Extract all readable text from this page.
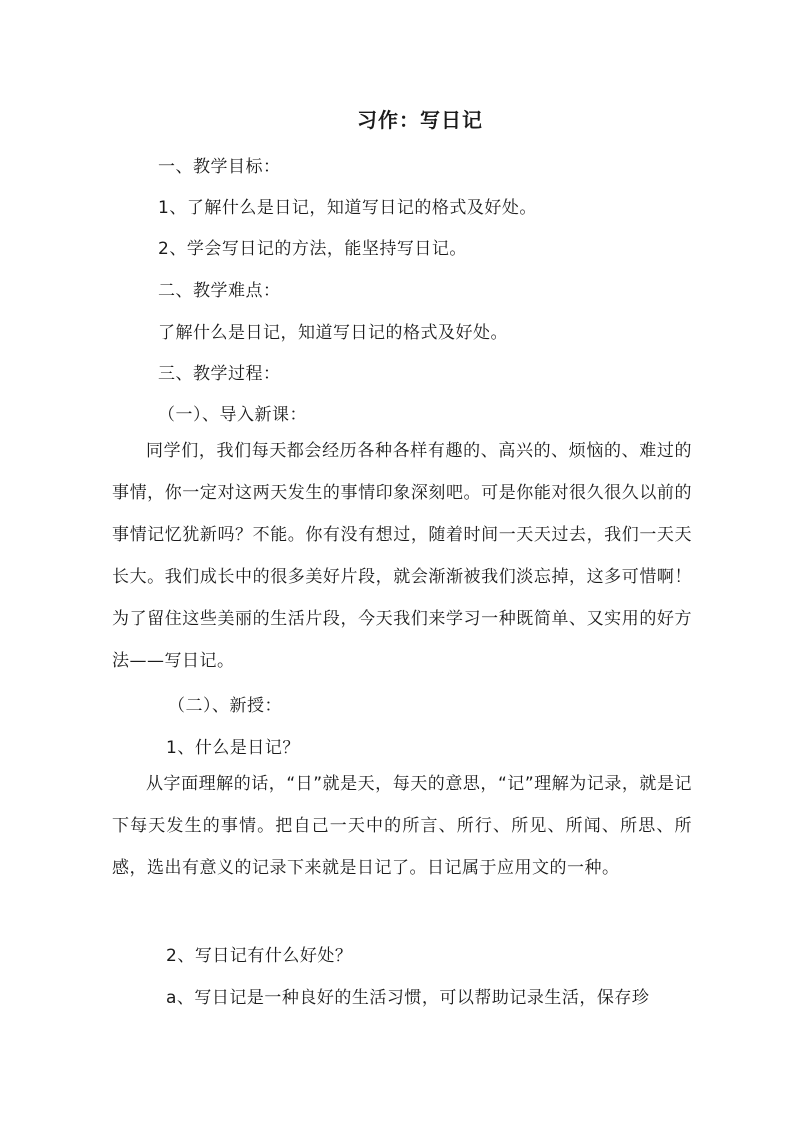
习作：写日记
一、教学目标：
1、了解什么是日记，知道写日记的格式及好处。
2、学会写日记的方法，能坚持写日记。
二、教学难点：
了解什么是日记，知道写日记的格式及好处。
三、教学过程：
（一）、导入新课：
同学们，我们每天都会经历各种各样有趣的、高兴的、烦恼的、难过的事情，你一定对这两天发生的事情印象深刻吧。可是你能对很久很久以前的事情记忆犹新吗？不能。你有没有想过，随着时间一天天过去，我们一天天长大。我们成长中的很多美好片段，就会渐渐被我们淡忘掉，这多可惜啊！为了留住这些美丽的生活片段，今天我们来学习一种既简单、又实用的好方法——写日记。
（二）、新授：
1、什么是日记？
从字面理解的话，“日”就是天，每天的意思，“记”理解为记录，就是记下每天发生的事情。把自己一天中的所言、所行、所见、所闻、所思、所感，选出有意义的记录下来就是日记了。日记属于应用文的一种。
2、写日记有什么好处？
a、写日记是一种良好的生活习惯，可以帮助记录生活，保存珍
